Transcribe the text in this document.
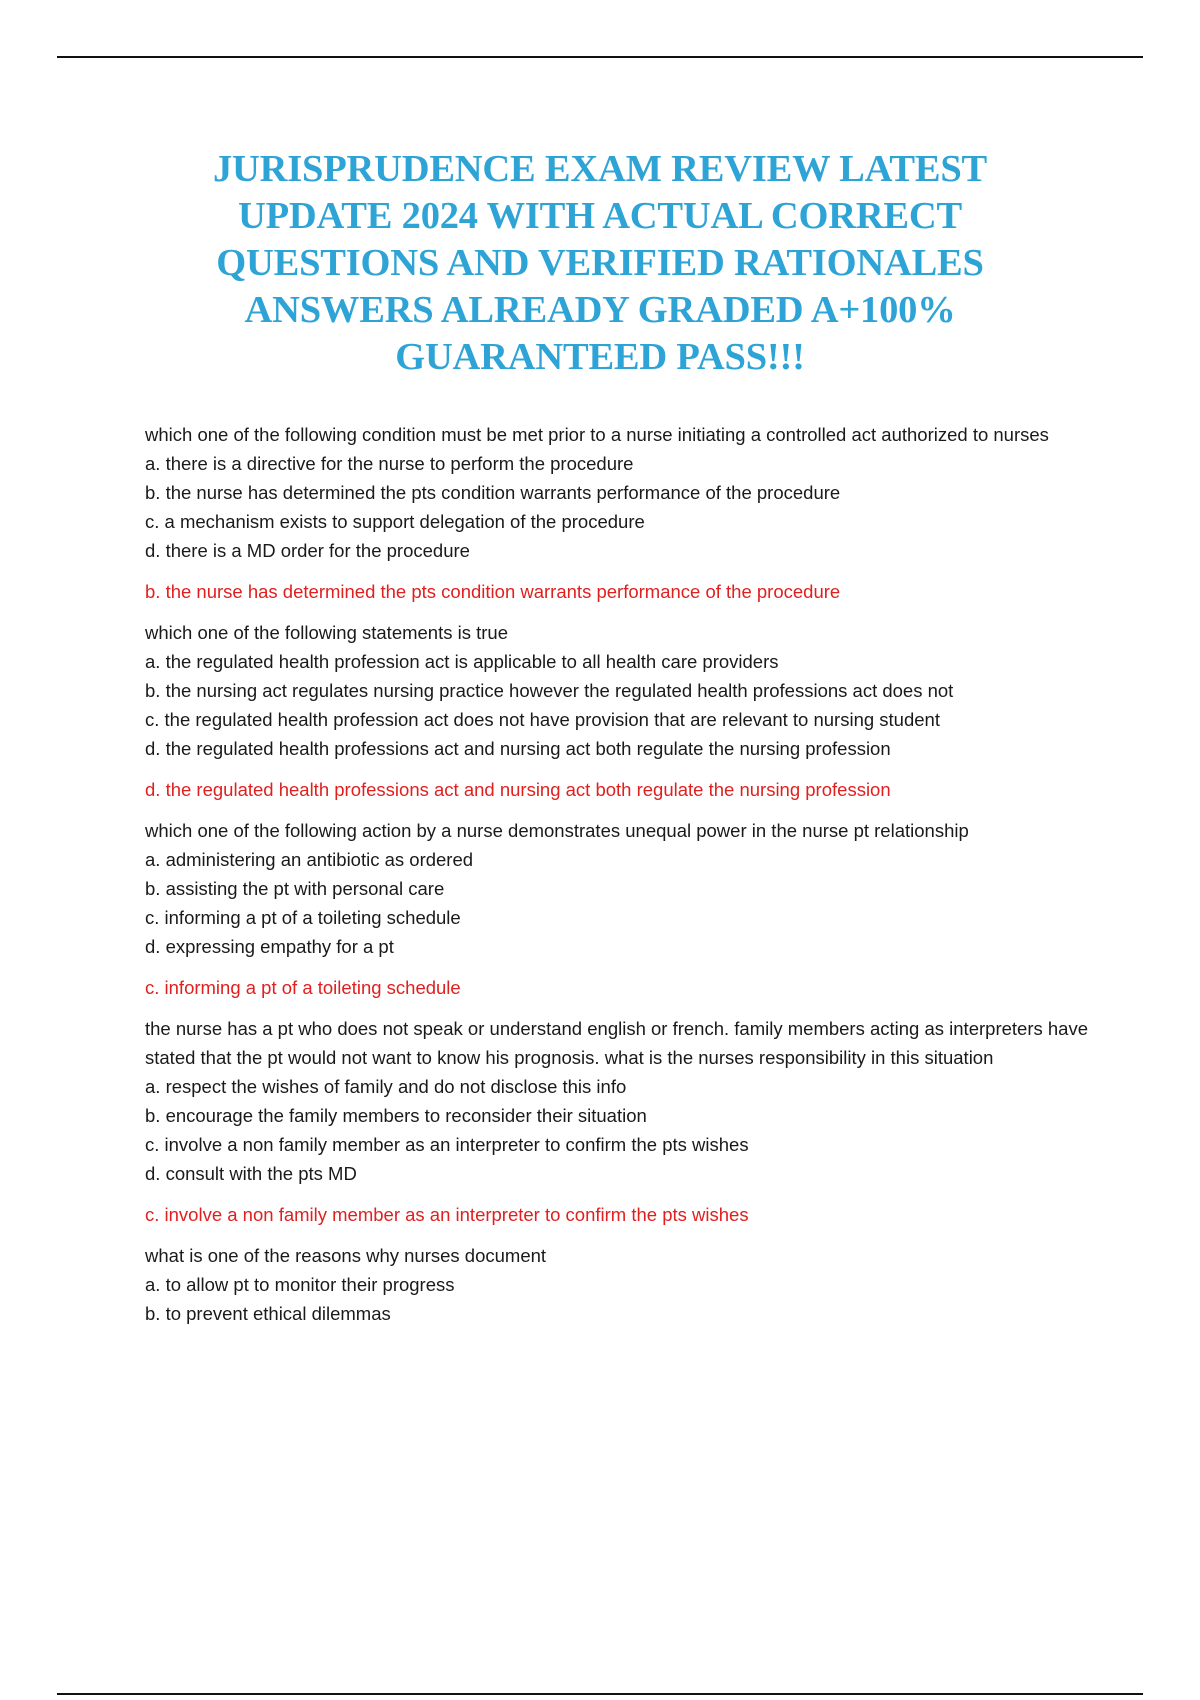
JURISPRUDENCE EXAM REVIEW LATEST UPDATE 2024 WITH ACTUAL CORRECT QUESTIONS AND VERIFIED RATIONALES ANSWERS ALREADY GRADED A+100% GUARANTEED PASS!!!

which one of the following condition must be met prior to a nurse initiating a controlled act authorized to nurses

a. there is a directive for the nurse to perform the procedure

b. the nurse has determined the pts condition warrants performance of the procedure

c. a mechanism exists to support delegation of the procedure

d. there is a MD order for the procedure

b. the nurse has determined the pts condition warrants performance of the procedure

which one of the following statements is true

a. the regulated health profession act is applicable to all health care providers

b. the nursing act regulates nursing practice however the regulated health professions act does not

c. the regulated health profession act does not have provision that are relevant to nursing student

d. the regulated health professions act and nursing act both regulate the nursing profession

d. the regulated health professions act and nursing act both regulate the nursing profession

which one of the following action by a nurse demonstrates unequal power in the nurse pt relationship

a. administering an antibiotic as ordered

b. assisting the pt with personal care

c. informing a pt of a toileting schedule

d. expressing empathy for a pt

c. informing a pt of a toileting schedule

the nurse has a pt who does not speak or understand english or french. family members acting as interpreters have stated that the pt would not want to know his prognosis. what is the nurses responsibility in this situation

a. respect the wishes of family and do not disclose this info

b. encourage the family members to reconsider their situation

c. involve a non family member as an interpreter to confirm the pts wishes

d. consult with the pts MD

c. involve a non family member as an interpreter to confirm the pts wishes

what is one of the reasons why nurses document

a. to allow pt to monitor their progress

b. to prevent ethical dilemmas
